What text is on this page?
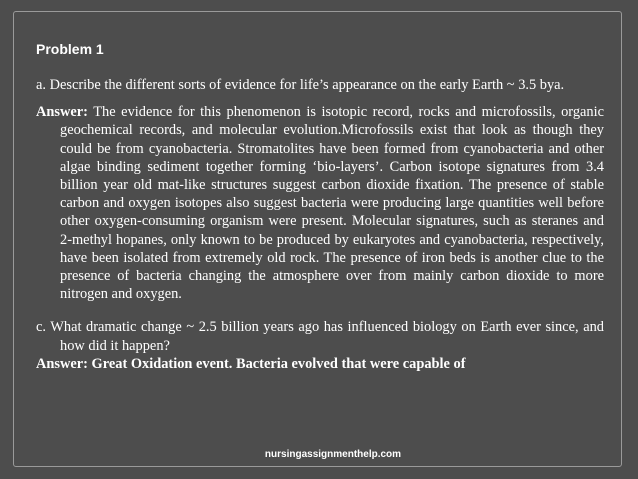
Problem 1

a. Describe the different sorts of evidence for life’s appearance on the early Earth ~ 3.5 bya.

Answer: The evidence for this phenomenon is isotopic record, rocks and microfossils, organic geochemical records, and molecular evolution.Microfossils exist that look as though they could be from cyanobacteria. Stromatolites have been formed from cyanobacteria and other algae binding sediment together forming ‘bio-layers’. Carbon isotope signatures from 3.4 billion year old mat-like structures suggest carbon dioxide fixation. The presence of stable carbon and oxygen isotopes also suggest bacteria were producing large quantities well before other oxygen-consuming organism were present. Molecular signatures, such as steranes and 2-methyl hopanes, only known to be produced by eukaryotes and cyanobacteria, respectively, have been isolated from extremely old rock. The presence of iron beds is another clue to the presence of bacteria changing the atmosphere over from mainly carbon dioxide to more nitrogen and oxygen.

c. What dramatic change ~ 2.5 billion years ago has influenced biology on Earth ever since, and how did it happen?

Answer: Great Oxidation event. Bacteria evolved that were capable of

nursingassignmenthelp.com
